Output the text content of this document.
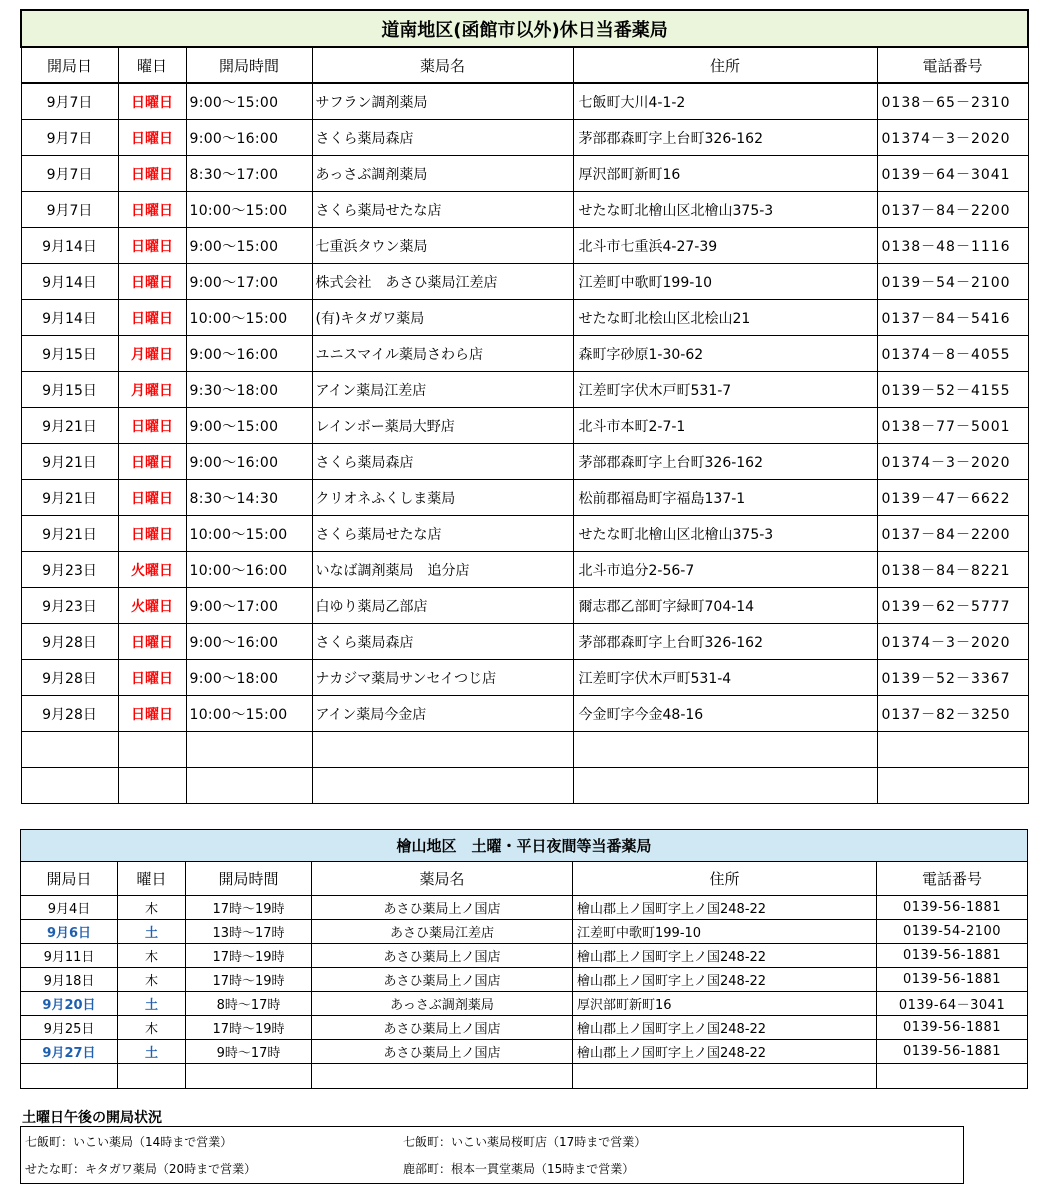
道南地区(函館市以外)休日当番薬局					
開局日	曜日	開局時間	薬局名	住所	電話番号
9月7日	日曜日	9:00～15:00	サフラン調剤薬局	七飯町大川4-1-2	0138－65－2310
9月7日	日曜日	9:00～16:00	さくら薬局森店	茅部郡森町字上台町326-162	01374－3－2020
9月7日	日曜日	8:30～17:00	あっさぶ調剤薬局	厚沢部町新町16	0139－64－3041
9月7日	日曜日	10:00～15:00	さくら薬局せたな店	せたな町北檜山区北檜山375-3	0137－84－2200
9月14日	日曜日	9:00～15:00	七重浜タウン薬局	北斗市七重浜4-27-39	0138－48－1116
9月14日	日曜日	9:00～17:00	株式会社　あさひ薬局江差店	江差町中歌町199-10	0139－54－2100
9月14日	日曜日	10:00～15:00	(有)キタガワ薬局	せたな町北桧山区北桧山21	0137－84－5416
9月15日	月曜日	9:00～16:00	ユニスマイル薬局さわら店	森町字砂原1-30-62	01374－8－4055
9月15日	月曜日	9:30～18:00	アイン薬局江差店	江差町字伏木戸町531-7	0139－52－4155
9月21日	日曜日	9:00～15:00	レインボー薬局大野店	北斗市本町2-7-1	0138－77－5001
9月21日	日曜日	9:00～16:00	さくら薬局森店	茅部郡森町字上台町326-162	01374－3－2020
9月21日	日曜日	8:30～14:30	クリオネふくしま薬局	松前郡福島町字福島137-1	0139－47－6622
9月21日	日曜日	10:00～15:00	さくら薬局せたな店	せたな町北檜山区北檜山375-3	0137－84－2200
9月23日	火曜日	10:00～16:00	いなば調剤薬局　追分店	北斗市追分2-56-7	0138－84－8221
9月23日	火曜日	9:00～17:00	白ゆり薬局乙部店	爾志郡乙部町字緑町704-14	0139－62－5777
9月28日	日曜日	9:00～16:00	さくら薬局森店	茅部郡森町字上台町326-162	01374－3－2020
9月28日	日曜日	9:00～18:00	ナカジマ薬局サンセイつじ店	江差町字伏木戸町531-4	0139－52－3367
9月28日	日曜日	10:00～15:00	アイン薬局今金店	今金町字今金48-16	0137－82－3250

檜山地区　土曜・平日夜間等当番薬局					
開局日	曜日	開局時間	薬局名	住所	電話番号
9月4日	木	17時～19時	あさひ薬局上ノ国店	檜山郡上ノ国町字上ノ国248-22	0139-56-1881
9月6日	土	13時～17時	あさひ薬局江差店	江差町中歌町199-10	0139-54-2100
9月11日	木	17時～19時	あさひ薬局上ノ国店	檜山郡上ノ国町字上ノ国248-22	0139-56-1881
9月18日	木	17時～19時	あさひ薬局上ノ国店	檜山郡上ノ国町字上ノ国248-22	0139-56-1881
9月20日	土	8時～17時	あっさぶ調剤薬局	厚沢部町新町16	0139-64－3041
9月25日	木	17時～19時	あさひ薬局上ノ国店	檜山郡上ノ国町字上ノ国248-22	0139-56-1881
9月27日	土	9時～17時	あさひ薬局上ノ国店	檜山郡上ノ国町字上ノ国248-22	0139-56-1881

土曜日午後の開局状況
七飯町：いこい薬局（14時まで営業）	七飯町：いこい薬局桜町店（17時まで営業）
せたな町：キタガワ薬局（20時まで営業）	鹿部町：根本一貫堂薬局（15時まで営業）
